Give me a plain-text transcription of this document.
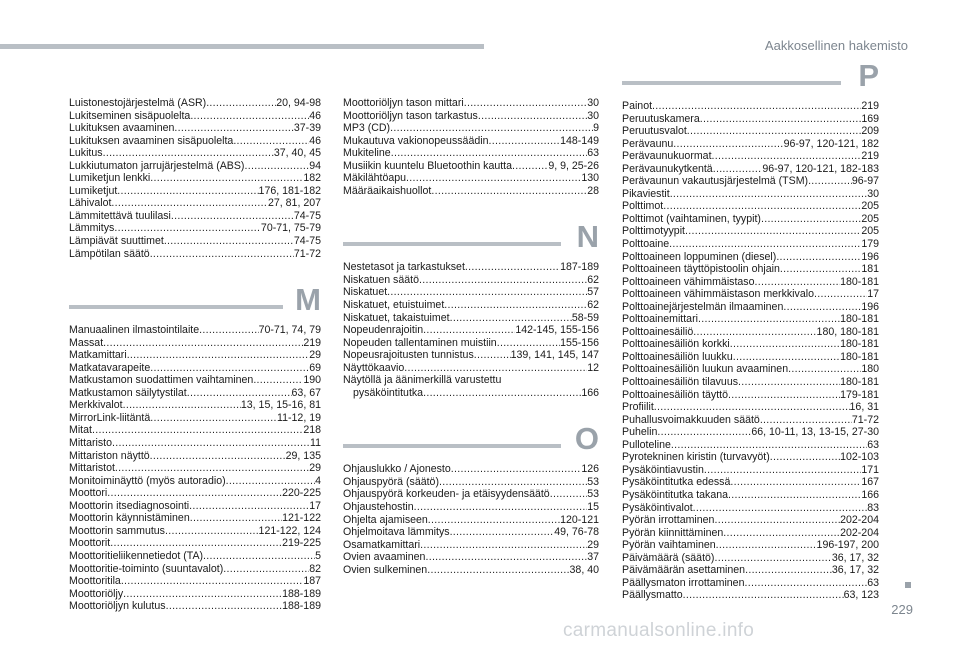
Aakkosellinen hakemisto
Luistonestojärjestelmä (ASR) .....	20, 94-98
Lukitseminen sisäpuolelta .....	46
Lukituksen avaaminen .....	37-39
Lukituksen avaaminen sisäpuolelta .....	46
Lukitus .....	37, 40, 45
Lukkiutumaton jarrujärjestelmä (ABS) .....	94
Lumiketjun lenkki .....	182
Lumiketjut .....	176, 181-182
Lähivalot .....	27, 81, 207
Lämmitettävä tuulilasi .....	74-75
Lämmitys .....	70-71, 75-79
Lämpiävät suuttimet .....	74-75
Lämpötilan säätö .....	71-72
M
Manuaalinen ilmastointilaite .....	70-71, 74, 79
Massat .....	219
Matkamittari .....	29
Matkatavarapeite .....	69
Matkustamon suodattimen vaihtaminen .....	190
Matkustamon säilytystilat .....	63, 67
Merkkivalot .....	13, 15, 15-16, 81
MirrorLink-liitäntä .....	11-12, 19
Mitat .....	218
Mittaristo .....	11
Mittariston näyttö .....	29, 135
Mittaristot .....	29
Monitoiminäyttö (myös autoradio) .....	4
Moottori .....	220-225
Moottorin itsediagnosointi .....	17
Moottorin käynnistäminen .....	121-122
Moottorin sammutus .....	121-122, 124
Moottorit .....	219-225
Moottoritieliikennetiedot (TA) .....	5
Moottoritie-toiminto (suuntavalot) .....	82
Moottoritila .....	187
Moottoriöljy .....	188-189
Moottoriöljyn kulutus .....	188-189
Moottoriöljyn tason mittari .....	30
Moottoriöljyn tason tarkastus .....	30
MP3 (CD) .....	9
Mukautuva vakionopeussäädin .....	148-149
Mukiteline .....	63
Musiikin kuuntelu Bluetoothin kautta .....	9, 9, 25-26
Mäkilähtöapu .....	130
Määräaikaishuollot .....	28
N
Nestetasot ja tarkastukset .....	187-189
Niskatuen säätö .....	62
Niskatuet .....	57
Niskatuet, etuistuimet .....	62
Niskatuet, takaistuimet .....	58-59
Nopeudenrajoitin .....	142-145, 155-156
Nopeuden tallentaminen muistiin .....	155-156
Nopeusrajoitusten tunnistus .....	139, 141, 145, 147
Näyttökaavio .....	12
Näytöllä ja äänimerkillä varustettu
pysäköintitutka .....	166
O
Ohjauslukko / Ajonesto .....	126
Ohjauspyörä (säätö) .....	53
Ohjauspyörä korkeuden- ja etäisyydensäätö .....	53
Ohjaustehostin .....	15
Ohjelta ajamiseen .....	120-121
Ohjelmoitava lämmitys .....	49, 76-78
Osamatkamittari .....	29
Ovien avaaminen .....	37
Ovien sulkeminen .....	38, 40
P
Painot .....	219
Peruutuskamera .....	169
Peruutusvalot .....	209
Perävaunu .....	96-97, 120-121, 182
Perävaunukuormat .....	219
Perävaunukytkentä .....	96-97, 120-121, 182-183
Perävaunun vakautusjärjestelmä (TSM) .....	96-97
Pikaviestit .....	30
Polttimot .....	205
Polttimot (vaihtaminen, tyypit) .....	205
Polttimotyypit .....	205
Polttoaine .....	179
Polttoaineen loppuminen (diesel) .....	196
Polttoaineen täyttöpistoolin ohjain .....	181
Polttoaineen vähimmäistaso .....	180-181
Polttoaineen vähimmäistason merkkivalo .....	17
Polttoainejärjestelmän ilmaaminen .....	196
Polttoainemittari .....	180-181
Polttoainesäiliö .....	180, 180-181
Polttoainesäiliön korkki .....	180-181
Polttoainesäiliön luukku .....	180-181
Polttoainesäiliön luukun avaaminen .....	180
Polttoainesäiliön tilavuus .....	180-181
Polttoainesäiliön täyttö .....	179-181
Profiilit .....	16, 31
Puhallusvoimakkuuden säätö .....	71-72
Puhelin .....	66, 10-11, 13, 13-15, 27-30
Pulloteline .....	63
Pyrotekninen kiristin (turvavyöt) .....	102-103
Pysäköintiavustin .....	171
Pysäköintitutka edessä .....	167
Pysäköintitutka takana .....	166
Pysäköintivalot .....	83
Pyörän irrottaminen .....	202-204
Pyörän kiinnittäminen .....	202-204
Pyörän vaihtaminen .....	196-197, 200
Päivämäärä (säätö) .....	36, 17, 32
Päivämäärän asettaminen .....	36, 17, 32
Päällysmaton irrottaminen .....	63
Päällysmatto .....	63, 123
229
carmanualsonline.info
